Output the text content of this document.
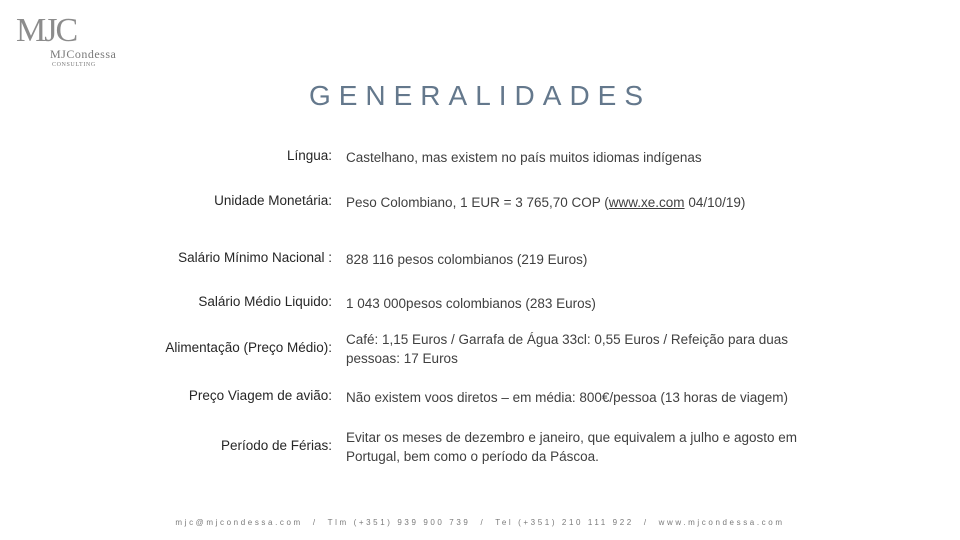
MJC
MJCondessa
CONSULTING
GENERALIDADES
Língua: Castelhano, mas existem no país muitos idiomas indígenas
Unidade Monetária: Peso Colombiano, 1 EUR = 3 765,70 COP (www.xe.com 04/10/19)
Salário Mínimo Nacional : 828 116 pesos colombianos (219 Euros)
Salário Médio Liquido: 1 043 000pesos colombianos (283 Euros)
Alimentação (Preço Médio):
Café: 1,15 Euros / Garrafa de Água 33cl: 0,55 Euros / Refeição para duas pessoas: 17 Euros
Preço Viagem de avião: Não existem voos diretos – em média: 800€/pessoa (13 horas de viagem)
Período de Férias:
Evitar os meses de dezembro e janeiro, que equivalem a julho e agosto em Portugal, bem como o período da Páscoa.
mjc@mjcondessa.com / Tlm (+351) 939 900 739 / Tel (+351) 210 111 922 / www.mjcondessa.com
